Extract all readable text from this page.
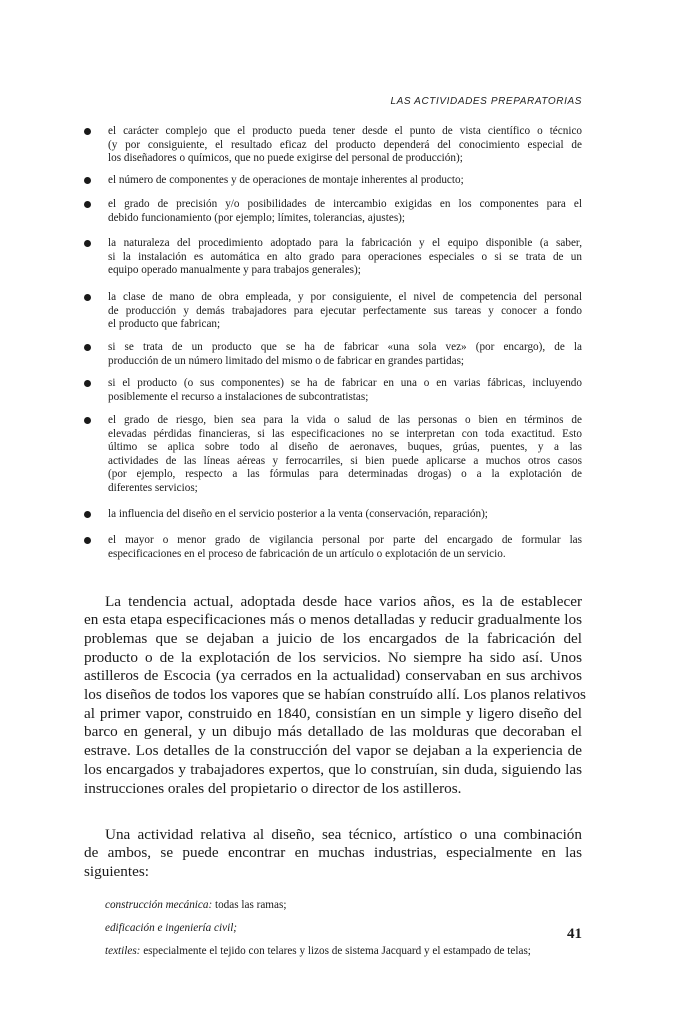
LAS ACTIVIDADES PREPARATORIAS
el carácter complejo que el producto pueda tener desde el punto de vista científico o técnico
(y por consiguiente, el resultado eficaz del producto dependerá del conocimiento especial de
los diseñadores o químicos, que no puede exigirse del personal de producción);
el número de componentes y de operaciones de montaje inherentes al producto;
el grado de precisión y/o posibilidades de intercambio exigidas en los componentes para el
debido funcionamiento (por ejemplo; límites, tolerancias, ajustes);
la naturaleza del procedimiento adoptado para la fabricación y el equipo disponible (a saber,
si la instalación es automática en alto grado para operaciones especiales o si se trata de un
equipo operado manualmente y para trabajos generales);
la clase de mano de obra empleada, y por consiguiente, el nivel de competencia del personal
de producción y demás trabajadores para ejecutar perfectamente sus tareas y conocer a fondo
el producto que fabrican;
si se trata de un producto que se ha de fabricar «una sola vez» (por encargo), de la
producción de un número limitado del mismo o de fabricar en grandes partidas;
si el producto (o sus componentes) se ha de fabricar en una o en varias fábricas, incluyendo
posiblemente el recurso a instalaciones de subcontratistas;
el grado de riesgo, bien sea para la vida o salud de las personas o bien en términos de
elevadas pérdidas financieras, si las especificaciones no se interpretan con toda exactitud. Esto
último se aplica sobre todo al diseño de aeronaves, buques, grúas, puentes, y a las
actividades de las líneas aéreas y ferrocarriles, si bien puede aplicarse a muchos otros casos
(por ejemplo, respecto a las fórmulas para determinadas drogas) o a la explotación de
diferentes servicios;
la influencia del diseño en el servicio posterior a la venta (conservación, reparación);
el mayor o menor grado de vigilancia personal por parte del encargado de formular las
especificaciones en el proceso de fabricación de un artículo o explotación de un servicio.
La tendencia actual, adoptada desde hace varios años, es la de establecer
en esta etapa especificaciones más o menos detalladas y reducir gradualmente los
problemas que se dejaban a juicio de los encargados de la fabricación del
producto o de la explotación de los servicios. No siempre ha sido así. Unos
astilleros de Escocia (ya cerrados en la actualidad) conservaban en sus archivos
los diseños de todos los vapores que se habían construído allí. Los planos relativos
al primer vapor, construido en 1840, consistían en un simple y ligero diseño del
barco en general, y un dibujo más detallado de las molduras que decoraban el
estrave. Los detalles de la construcción del vapor se dejaban a la experiencia de
los encargados y trabajadores expertos, que lo construían, sin duda, siguiendo las
instrucciones orales del propietario o director de los astilleros.
Una actividad relativa al diseño, sea técnico, artístico o una combinación
de ambos, se puede encontrar en muchas industrias, especialmente en las
siguientes:
construcción mecánica: todas las ramas;
edificación e ingeniería civil;
textiles: especialmente el tejido con telares y lizos de sistema Jacquard y el estampado de telas;
41
